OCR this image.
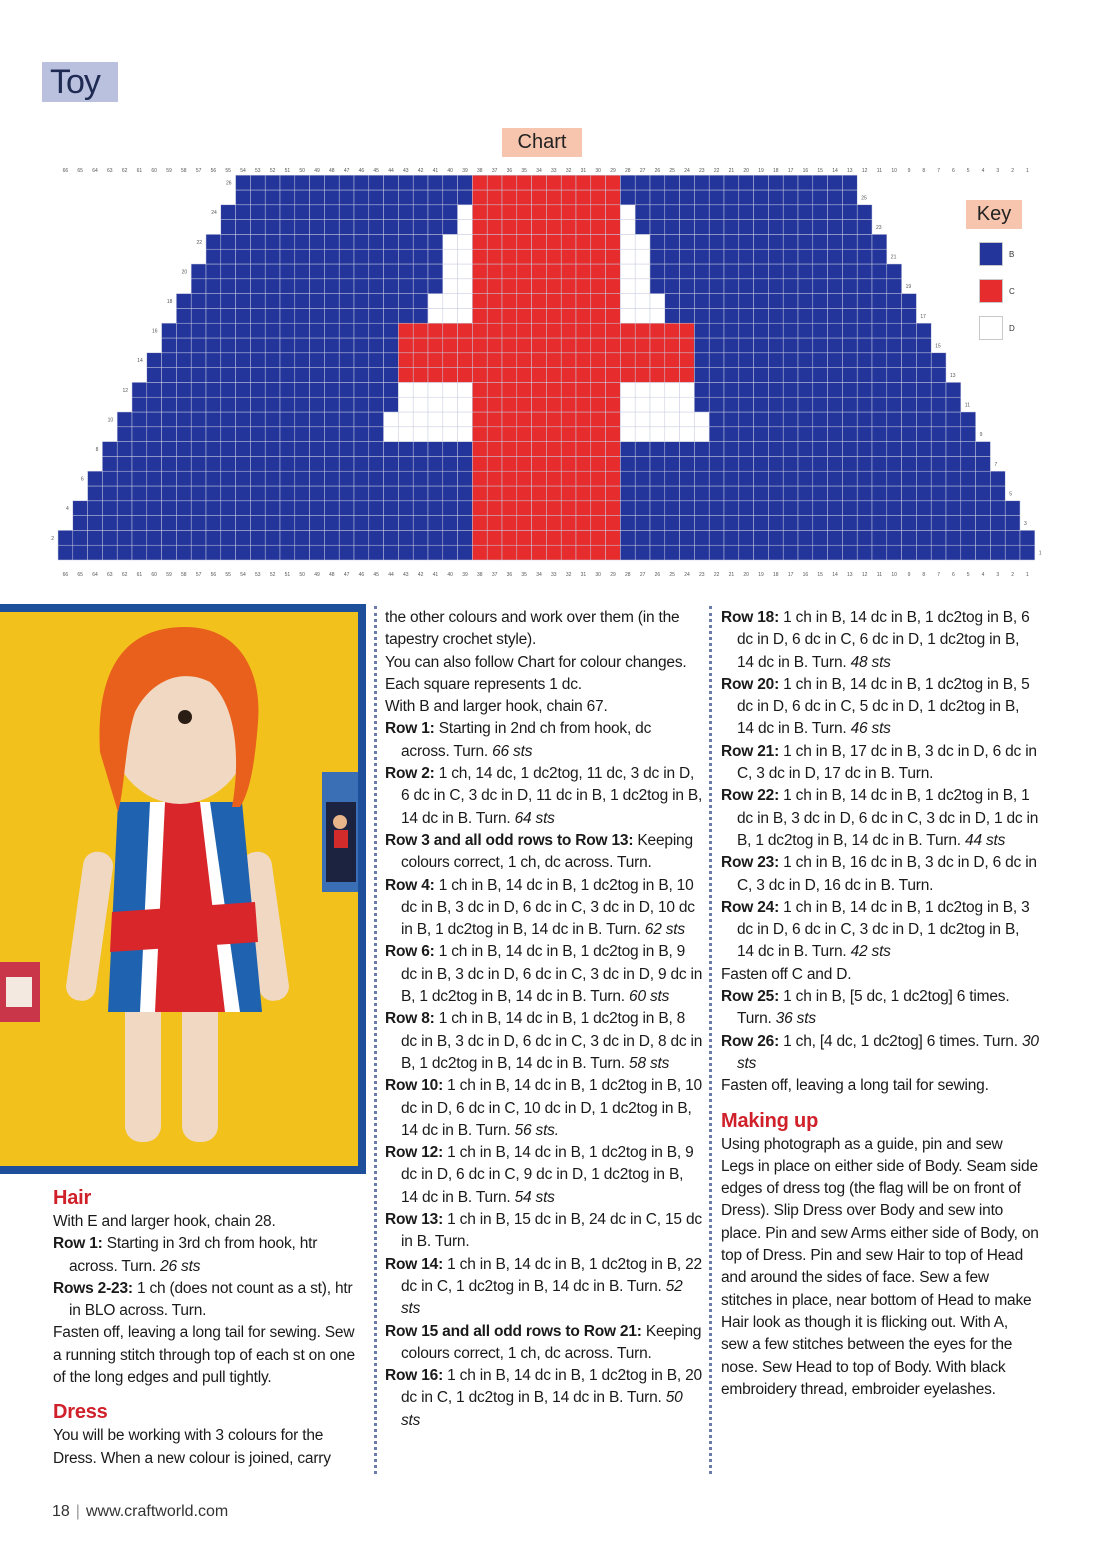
Toy
Chart
66
66
65
65
64
64
63
63
62
62
61
61
60
60
59
59
58
58
57
57
56
56
55
55
54
54
53
53
52
52
51
51
50
50
49
49
48
48
47
47
46
46
45
45
44
44
43
43
42
42
41
41
40
40
39
39
38
38
37
37
36
36
35
35
34
34
33
33
32
32
31
31
30
30
29
29
28
28
27
27
26
26
25
25
24
24
23
23
22
22
21
21
20
20
19
19
18
18
17
17
16
16
15
15
14
14
13
13
12
12
11
11
10
10
9
9
8
8
7
7
6
6
5
5
4
4
3
3
2
2
1
1
1
2
3
4
5
6
7
8
9
10
11
12
13
14
15
16
17
18
19
20
21
22
23
24
25
26
Key
B
C
D

Hair

With E and larger hook, chain 28.

Row 1: Starting in 3rd ch from hook, htr across. Turn. 26 sts

Rows 2-23: 1 ch (does not count as a st), htr in BLO across. Turn.

Fasten off, leaving a long tail for sewing. Sew a running stitch through top of each st on one of the long edges and pull tightly.

Dress

You will be working with 3 colours for the Dress. When a new colour is joined, carry

the other colours and work over them (in the tapestry crochet style).

You can also follow Chart for colour changes. Each square represents 1 dc.

With B and larger hook, chain 67.

Row 1: Starting in 2nd ch from hook, dc across. Turn. 66 sts

Row 2: 1 ch, 14 dc, 1 dc2tog, 11 dc, 3 dc in D, 6 dc in C, 3 dc in D, 11 dc in B, 1 dc2tog in B, 14 dc in B. Turn. 64 sts

Row 3 and all odd rows to Row 13: Keeping colours correct, 1 ch, dc across. Turn.

Row 4: 1 ch in B, 14 dc in B, 1 dc2tog in B, 10 dc in B, 3 dc in D, 6 dc in C, 3 dc in D, 10 dc in B, 1 dc2tog in B, 14 dc in B. Turn. 62 sts

Row 6: 1 ch in B, 14 dc in B, 1 dc2tog in B, 9 dc in B, 3 dc in D, 6 dc in C, 3 dc in D, 9 dc in B, 1 dc2tog in B, 14 dc in B. Turn. 60 sts

Row 8: 1 ch in B, 14 dc in B, 1 dc2tog in B, 8 dc in B, 3 dc in D, 6 dc in C, 3 dc in D, 8 dc in B, 1 dc2tog in B, 14 dc in B. Turn. 58 sts

Row 10: 1 ch in B, 14 dc in B, 1 dc2tog in B, 10 dc in D, 6 dc in C, 10 dc in D, 1 dc2tog in B, 14 dc in B. Turn. 56 sts.

Row 12: 1 ch in B, 14 dc in B, 1 dc2tog in B, 9 dc in D, 6 dc in C, 9 dc in D, 1 dc2tog in B, 14 dc in B. Turn. 54 sts

Row 13: 1 ch in B, 15 dc in B, 24 dc in C, 15 dc in B. Turn.

Row 14: 1 ch in B, 14 dc in B, 1 dc2tog in B, 22 dc in C, 1 dc2tog in B, 14 dc in B. Turn. 52 sts

Row 15 and all odd rows to Row 21: Keeping colours correct, 1 ch, dc across. Turn.

Row 16: 1 ch in B, 14 dc in B, 1 dc2tog in B, 20 dc in C, 1 dc2tog in B, 14 dc in B. Turn. 50 sts

Row 18: 1 ch in B, 14 dc in B, 1 dc2tog in B, 6 dc in D, 6 dc in C, 6 dc in D, 1 dc2tog in B, 14 dc in B. Turn. 48 sts

Row 20: 1 ch in B, 14 dc in B, 1 dc2tog in B, 5 dc in D, 6 dc in C, 5 dc in D, 1 dc2tog in B, 14 dc in B. Turn. 46 sts

Row 21: 1 ch in B, 17 dc in B, 3 dc in D, 6 dc in C, 3 dc in D, 17 dc in B. Turn.

Row 22: 1 ch in B, 14 dc in B, 1 dc2tog in B, 1 dc in B, 3 dc in D, 6 dc in C, 3 dc in D, 1 dc in B, 1 dc2tog in B, 14 dc in B. Turn. 44 sts

Row 23: 1 ch in B, 16 dc in B, 3 dc in D, 6 dc in C, 3 dc in D, 16 dc in B. Turn.

Row 24: 1 ch in B, 14 dc in B, 1 dc2tog in B, 3 dc in D, 6 dc in C, 3 dc in D, 1 dc2tog in B, 14 dc in B. Turn. 42 sts

Fasten off C and D.

Row 25: 1 ch in B, [5 dc, 1 dc2tog] 6 times. Turn. 36 sts

Row 26: 1 ch, [4 dc, 1 dc2tog] 6 times. Turn. 30 sts

Fasten off, leaving a long tail for sewing.

Making up

Using photograph as a guide, pin and sew Legs in place on either side of Body. Seam side edges of dress tog (the flag will be on front of Dress). Slip Dress over Body and sew into place. Pin and sew Arms either side of Body, on top of Dress. Pin and sew Hair to top of Head and around the sides of face. Sew a few stitches in place, near bottom of Head to make Hair look as though it is flicking out. With A, sew a few stitches between the eyes for the nose. Sew Head to top of Body. With black embroidery thread, embroider eyelashes.

18 | www.craftworld.com
